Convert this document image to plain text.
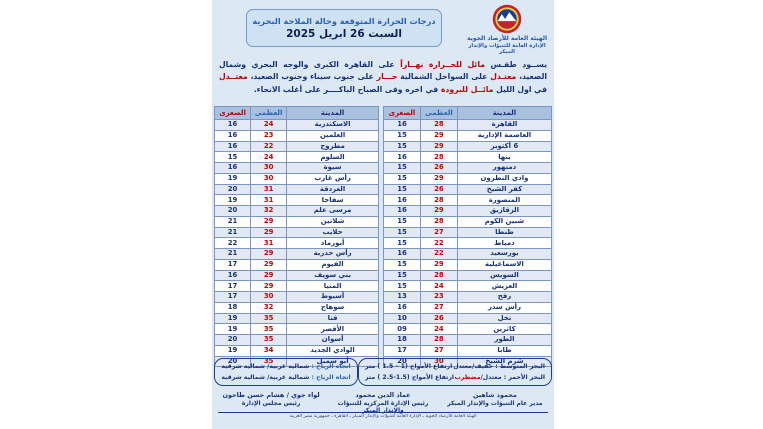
الهيئة العامة للأرصاد الجوية
الإدارة العامة للتنبؤات والإنذار المبكر
درجات الحرارة المتوقعة وحالة الملاحة البحرية
السبت 26 ابريل 2025

يســود طقـس مائل للحــرارة نهــاراً على القاهرة الكبرى والوجه البحري وشمال الصعيد، معتـدل على السواحل الشمالية حـــار على جنوب سيناء وجنوب الصعيد، معتــدل في اول الليل مائــل للبرودة في اخره وفى الصباح الباكــــر على أغلب الانحاء.

المدينة	العظمى	الصغرى
القاهرة	28	16
العاصمة الإدارية	29	15
6 أكتوبر	29	15
بنها	28	16
دمنهور	26	15
وادي النطرون	29	15
كفر الشيخ	26	15
المنصورة	28	16
الزقازيق	29	16
شبين الكوم	28	15
طنطا	27	15
دمياط	22	15
بورسعيد	22	16
الاسماعيلية	29	15
السويس	28	15
العريش	24	15
رفح	23	13
رأس سدر	27	16
نخل	26	10
كاترين	24	09
الطور	28	18
طابا	27	17
شرم الشيخ	30	20
المدينة	العظمى	الصغرى
الاسكندرية	24	16
العلمين	23	16
مطروح	22	16
السلوم	24	15
سيوة	30	16
رأس غارب	30	19
الغردقة	31	20
سفاجا	31	19
مرسى علم	32	20
شلاتين	29	21
حلايب	29	21
أبورماد	31	22
رأس حدربة	29	21
الفيوم	29	17
بني سويف	29	16
المنيا	29	17
أسيوط	30	17
سوهاج	32	18
قنا	35	19
الأقصر	35	19
أسوان	35	20
الوادي الجديد	34	19
أبو سمبل	35	20
البحر المتوسط : خفيف/معتدل
ارتفاع الأمواج (1 – 1.5 ) متر
البحر الأحمر : معتدل/مضطرب
ارتفاع الأمواج (1.5-2.5 ) متر
اتجاه الرياح : شمالية غربية/ شمالية شرقية
اتجاه الرياح : شمالية غربية/ شمالية شرقية
محمود شاهين
مدير عام التنبؤات والإنذار المبكر
عماد الدين محمود
رئيس الإدارة المركزية للتنبؤات والإنذار المبكر
لواء جوي / هشام حسن طاحون
رئيس مجلس الإدارة
الهيئة العامة للأرصاد الجوية ـ الإدارة العامة للتنبؤات والإنذار المبكر ـ القاهرة ـ جمهورية مصر العربية
